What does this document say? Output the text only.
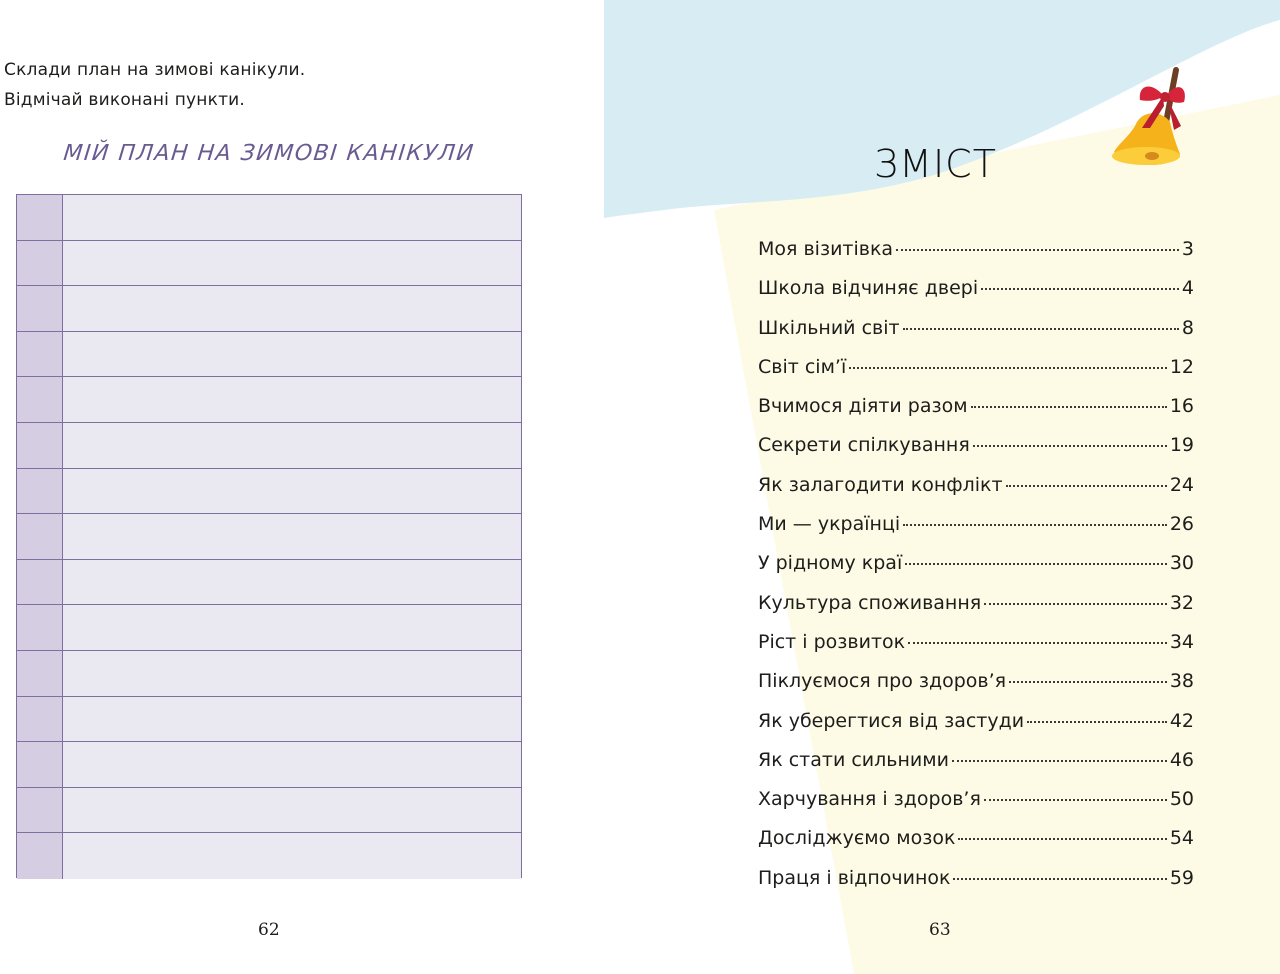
Склади план на зимові канікули.
Відмічай виконані пункти.
МІЙ ПЛАН НА ЗИМОВІ КАНІКУЛИ
62
ЗМІСТ
Моя візитівка	3
Школа відчиняє двері	4
Шкільний світ	8
Світ сім’ї	12
Вчимося діяти разом	16
Секрети спілкування	19
Як залагодити конфлікт	24
Ми — українці	26
У рідному краї	30
Культура споживання	32
Ріст і розвиток	34
Піклуємося про здоров’я	38
Як уберегтися від застуди	42
Як стати сильними	46
Харчування і здоров’я	50
Досліджуємо мозок	54
Праця і відпочинок	59
63
